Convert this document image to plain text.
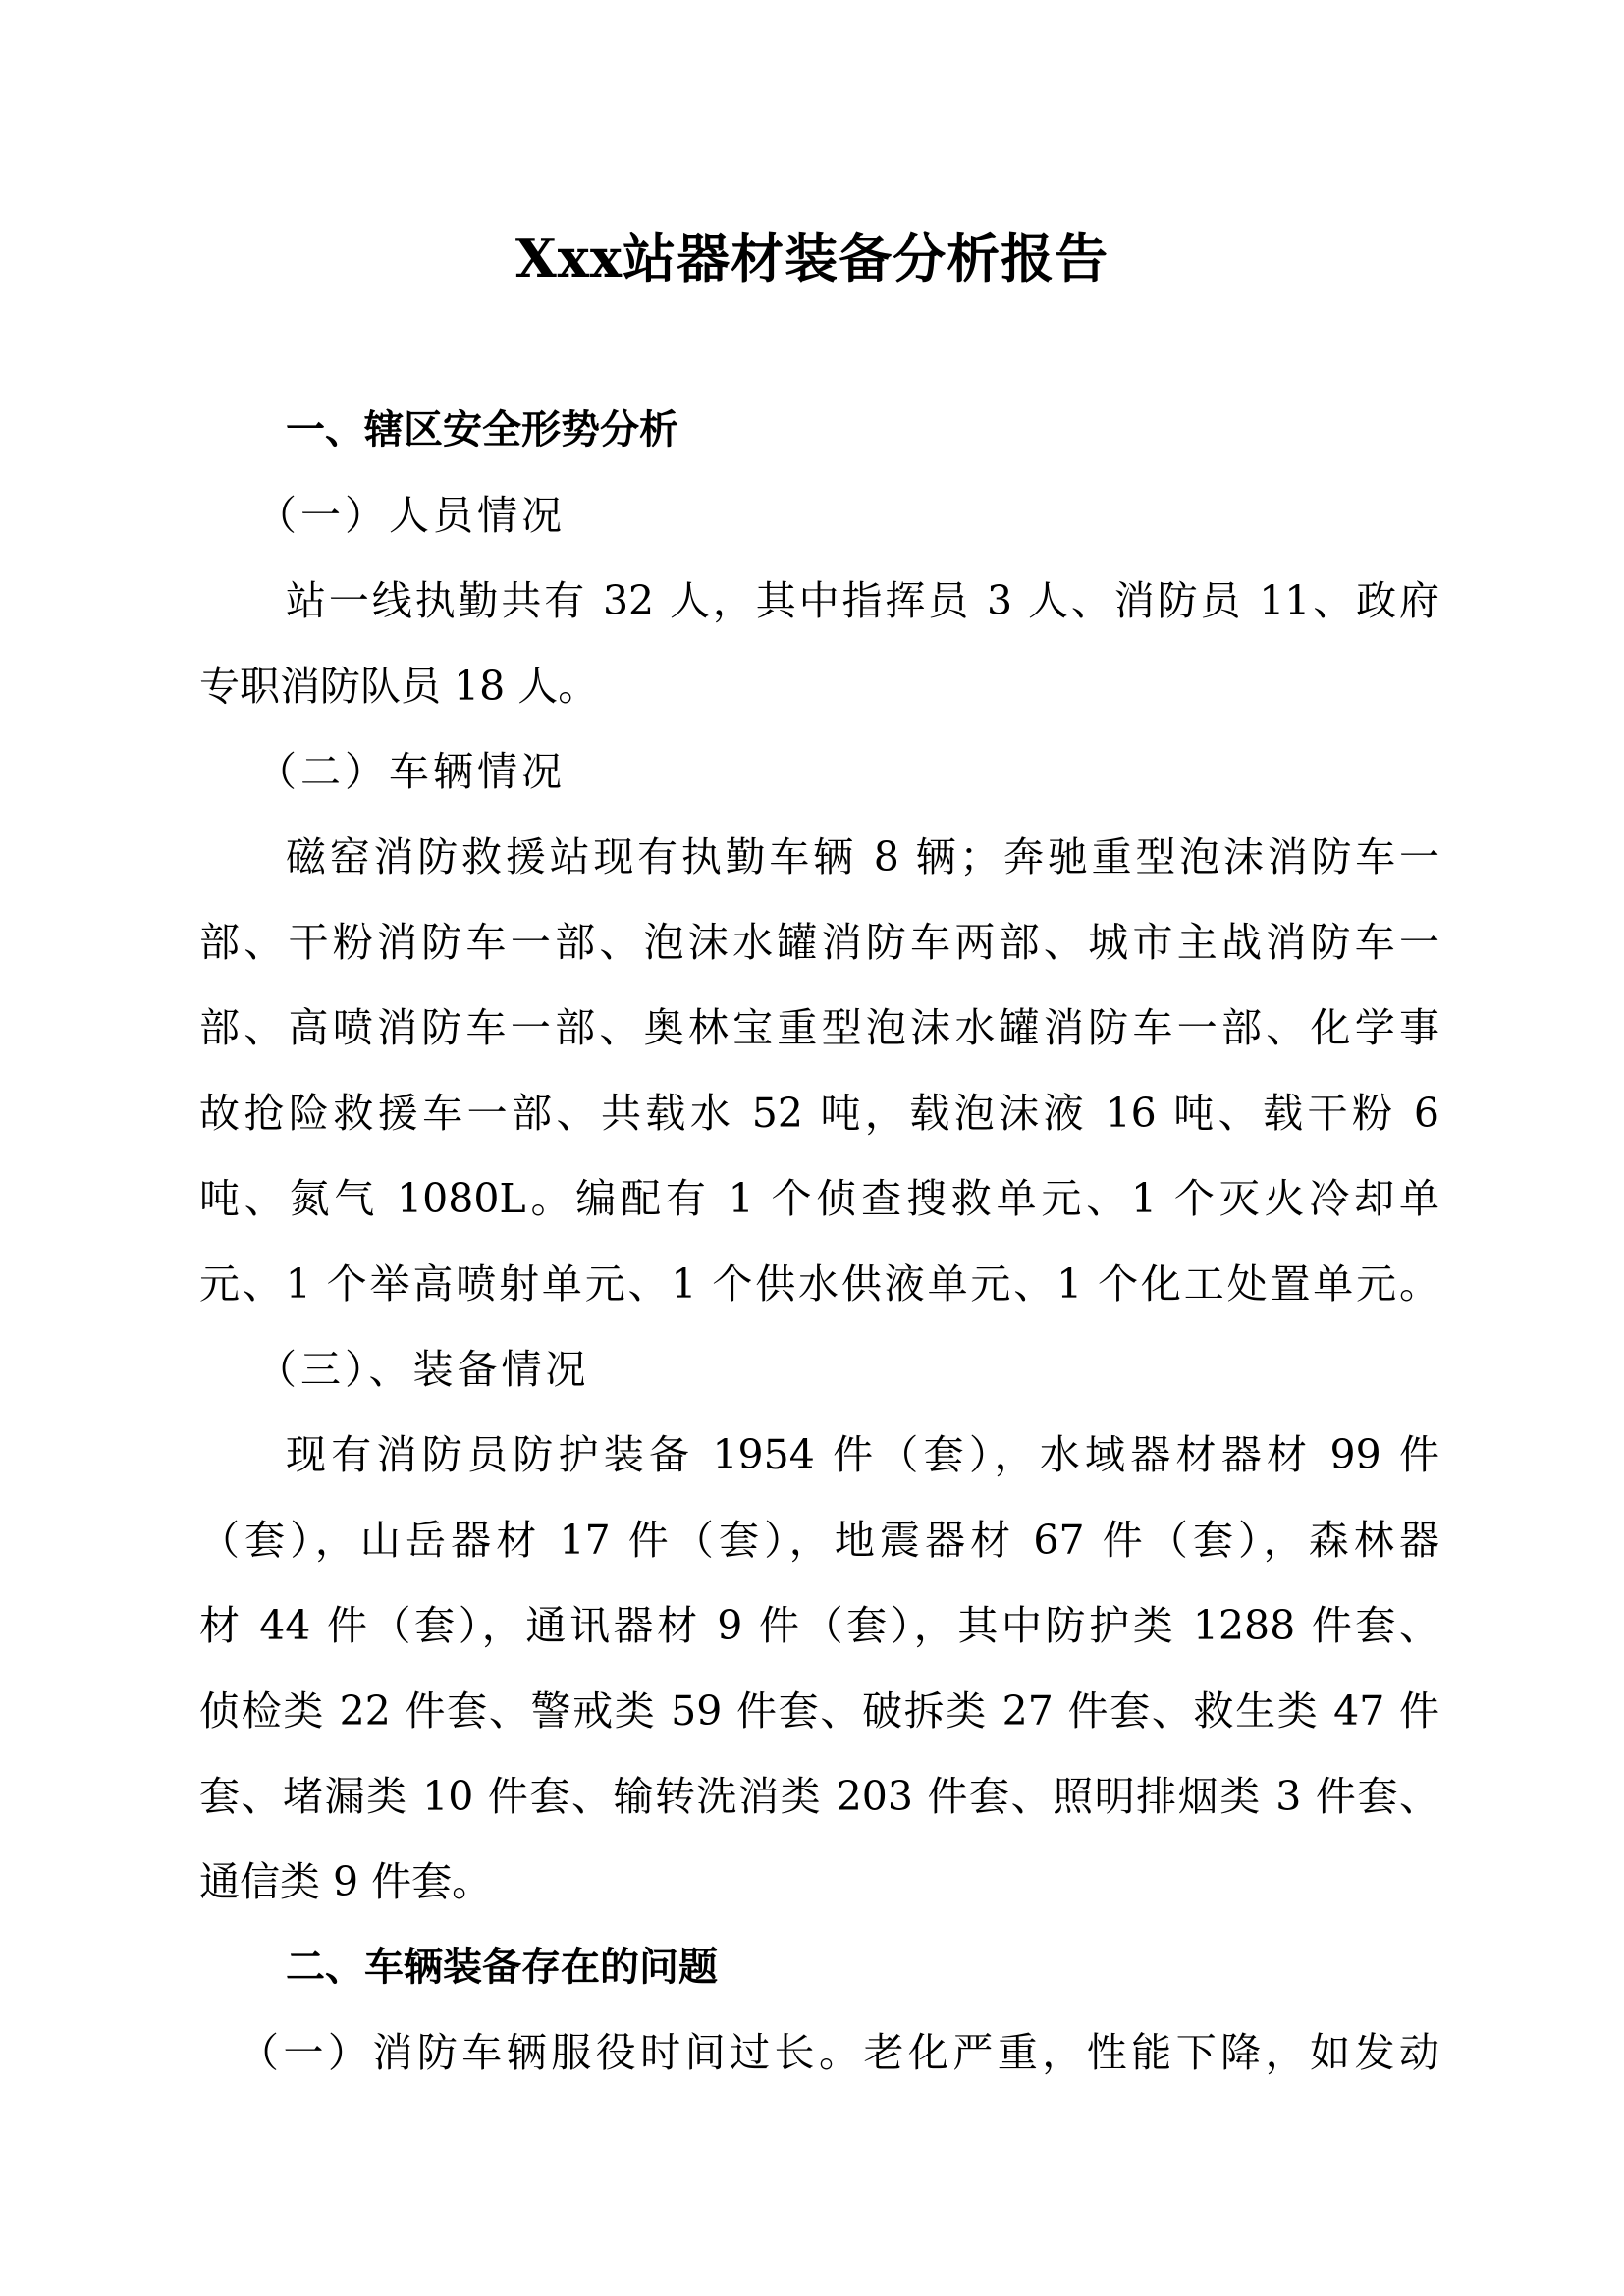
Xxx站器材装备分析报告
一、辖区安全形势分析
（一）人员情况
站一线执勤共有 32 人，其中指挥员 3 人、消防员 11、政府
专职消防队员 18 人。
（二）车辆情况
磁窑消防救援站现有执勤车辆 8 辆；奔驰重型泡沫消防车一
部、干粉消防车一部、泡沫水罐消防车两部、城市主战消防车一
部、高喷消防车一部、奥林宝重型泡沫水罐消防车一部、化学事
故抢险救援车一部、共载水 52 吨，载泡沫液 16 吨、载干粉 6
吨、氮气 1080L。编配有 1 个侦查搜救单元、1 个灭火冷却单
元、1 个举高喷射单元、1 个供水供液单元、1 个化工处置单元。
（三）、装备情况
现有消防员防护装备 1954 件（套），水域器材器材 99 件
（套），山岳器材 17 件（套），地震器材 67 件（套），森林器
材 44 件（套），通讯器材 9 件（套），其中防护类 1288 件套、
侦检类 22 件套、警戒类 59 件套、破拆类 27 件套、救生类 47 件
套、堵漏类 10 件套、输转洗消类 203 件套、照明排烟类 3 件套、
通信类 9 件套。
二、车辆装备存在的问题
（一）消防车辆服役时间过长。老化严重，性能下降，如发动
